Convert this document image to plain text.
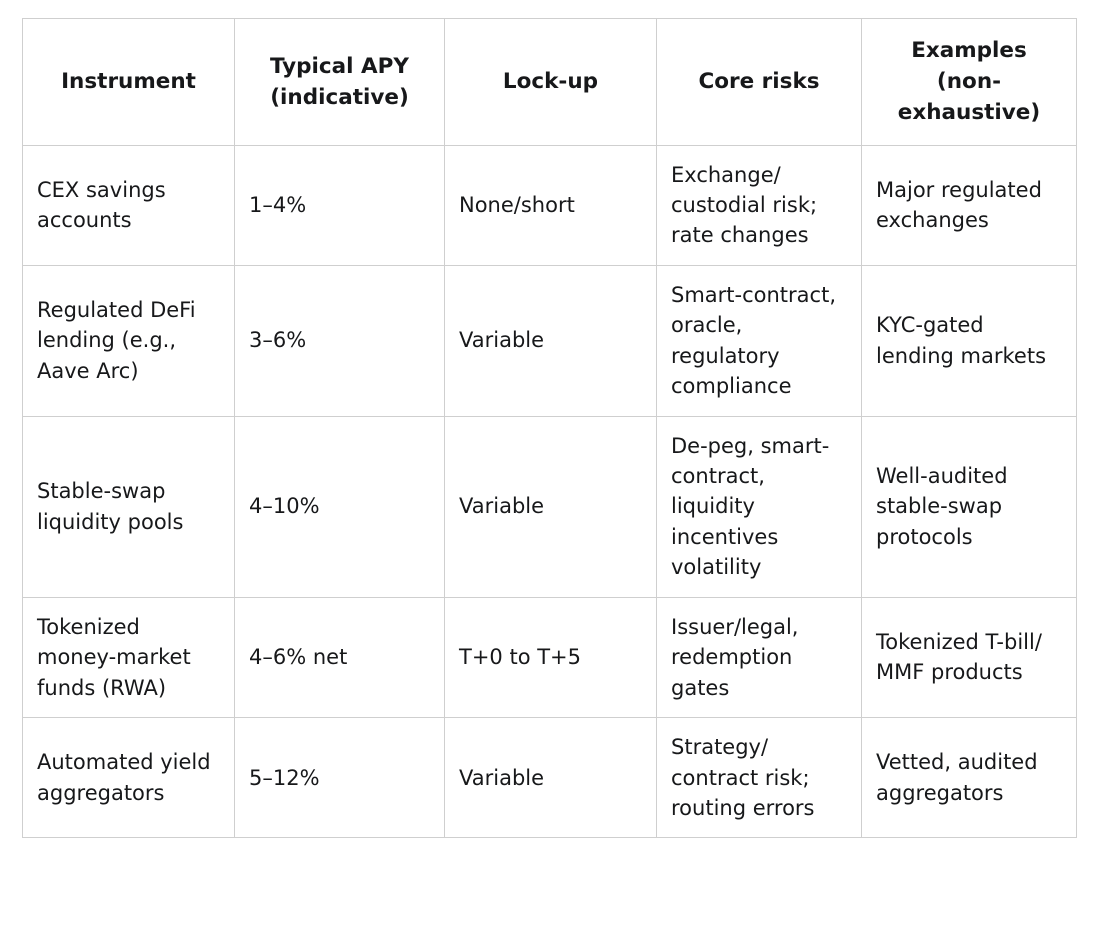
Instrument	Typical APY (indicative)	Lock-up	Core risks	Examples (non-exhaustive)
CEX savings accounts	1–4%	None/short	Exchange/ custodial risk; rate changes	Major regulated exchanges
Regulated DeFi lending (e.g., Aave Arc)	3–6%	Variable	Smart-contract, oracle, regulatory compliance	KYC-gated lending markets
Stable-swap liquidity pools	4–10%	Variable	De-peg, smart-contract, liquidity incentives volatility	Well-audited stable-swap protocols
Tokenized money-market funds (RWA)	4–6% net	T+0 to T+5	Issuer/legal, redemption gates	Tokenized T-bill/ MMF products
Automated yield aggregators	5–12%	Variable	Strategy/ contract risk; routing errors	Vetted, audited aggregators
